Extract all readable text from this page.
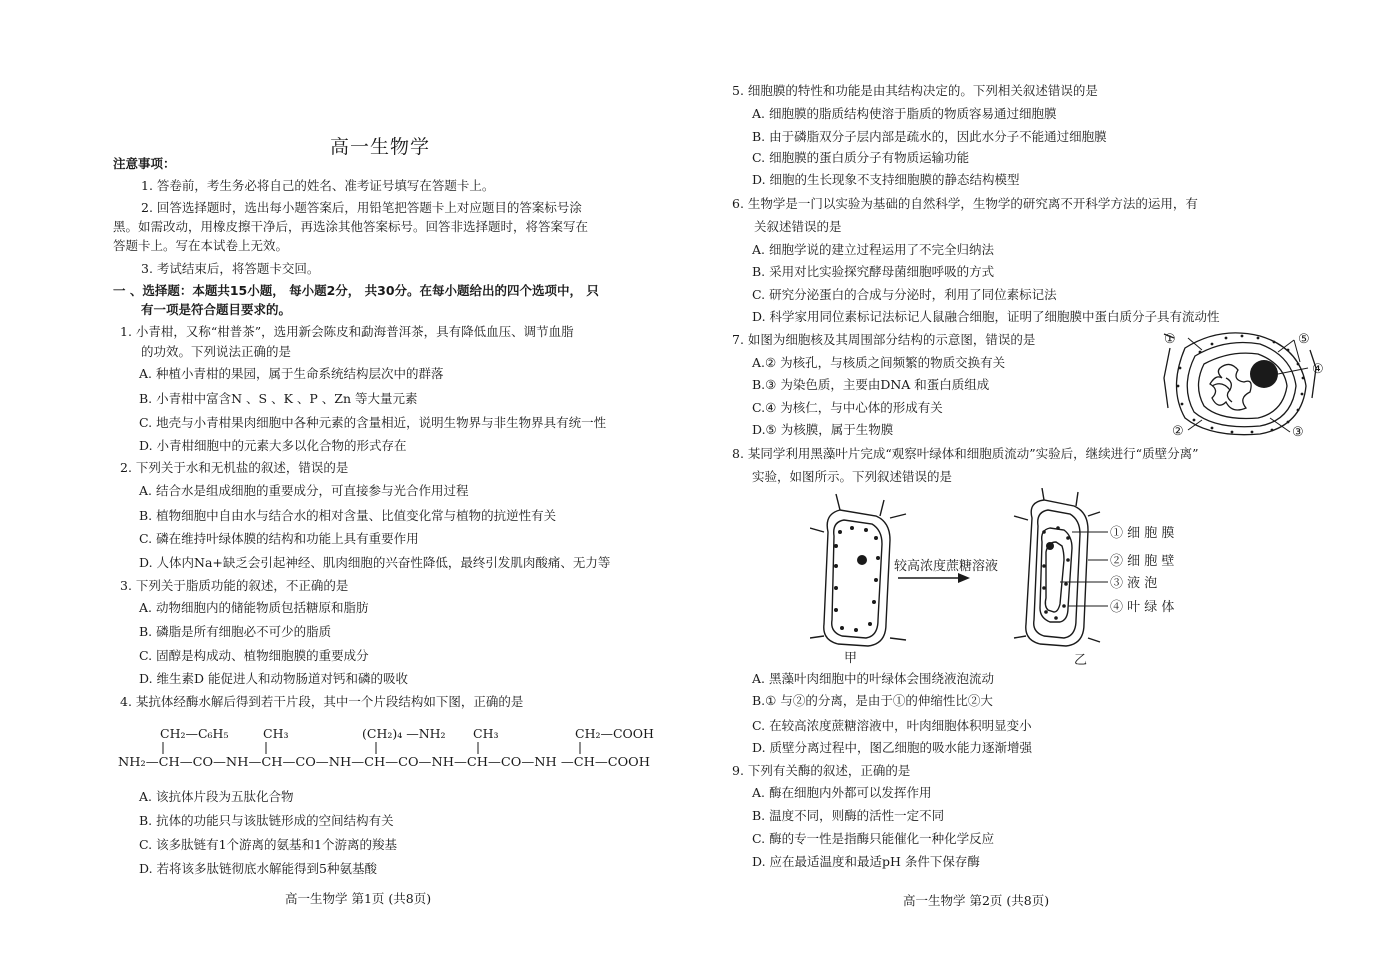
高一生物学
注意事项：
1. 答卷前，考生务必将自己的姓名、准考证号填写在答题卡上。
2. 回答选择题时，选出每小题答案后，用铅笔把答题卡上对应题目的答案标号涂
黑。如需改动，用橡皮擦干净后，再选涂其他答案标号。回答非选择题时，将答案写在
答题卡上。写在本试卷上无效。
3. 考试结束后，将答题卡交回。
一 、选择题：本题共15小题， 每小题2分， 共30分。在每小题给出的四个选项中， 只
有一项是符合题目要求的。
1. 小青柑，又称“柑普茶”，选用新会陈皮和勐海普洱茶，具有降低血压、调节血脂
的功效。下列说法正确的是
A. 种植小青柑的果园，属于生命系统结构层次中的群落
B. 小青柑中富含N 、S 、K 、P 、Zn 等大量元素
C. 地壳与小青柑果肉细胞中各种元素的含量相近，说明生物界与非生物界具有统一性
D. 小青柑细胞中的元素大多以化合物的形式存在
2. 下列关于水和无机盐的叙述，错误的是
A. 结合水是组成细胞的重要成分，可直接参与光合作用过程
B. 植物细胞中自由水与结合水的相对含量、比值变化常与植物的抗逆性有关
C. 磷在维持叶绿体膜的结构和功能上具有重要作用
D. 人体内Na+缺乏会引起神经、肌肉细胞的兴奋性降低，最终引发肌肉酸痛、无力等
3. 下列关于脂质功能的叙述，不正确的是
A. 动物细胞内的储能物质包括糖原和脂肪
B. 磷脂是所有细胞必不可少的脂质
C. 固醇是构成动、植物细胞膜的重要成分
D. 维生素D 能促进人和动物肠道对钙和磷的吸收
4. 某抗体经酶水解后得到若干片段，其中一个片段结构如下图，正确的是
CH₂—C₆H₅	CH₃	(CH₂)₄ —NH₂ CH₃	CH₂—COOH
NH₂—CH—CO—NH—CH—CO—NH—CH—CO—NH—CH—CO—NH —CH—COOH
A. 该抗体片段为五肽化合物
B. 抗体的功能只与该肽链形成的空间结构有关
C. 该多肽链有1个游离的氨基和1个游离的羧基
D. 若将该多肽链彻底水解能得到5种氨基酸
高一生物学 第1页 (共8页)
5. 细胞膜的特性和功能是由其结构决定的。下列相关叙述错误的是
A. 细胞膜的脂质结构使溶于脂质的物质容易通过细胞膜
B. 由于磷脂双分子层内部是疏水的，因此水分子不能通过细胞膜
C. 细胞膜的蛋白质分子有物质运输功能
D. 细胞的生长现象不支持细胞膜的静态结构模型
6. 生物学是一门以实验为基础的自然科学，生物学的研究离不开科学方法的运用，有
关叙述错误的是
A. 细胞学说的建立过程运用了不完全归纳法
B. 采用对比实验探究酵母菌细胞呼吸的方式
C. 研究分泌蛋白的合成与分泌时，利用了同位素标记法
D. 科学家用同位素标记法标记人鼠融合细胞，证明了细胞膜中蛋白质分子具有流动性
7. 如图为细胞核及其周围部分结构的示意图，错误的是
A.② 为核孔，与核质之间频繁的物质交换有关
B.③ 为染色质，主要由DNA 和蛋白质组成
C.④ 为核仁，与中心体的形成有关
D.⑤ 为核膜，属于生物膜
①
②	③
④
⑤
8. 某同学利用黑藻叶片完成“观察叶绿体和细胞质流动”实验后，继续进行“质壁分离”
实验，如图所示。下列叙述错误的是
较高浓度蔗糖溶液
甲	乙
① 细 胞 膜
② 细 胞 壁
③ 液 泡
④ 叶 绿 体
A. 黑藻叶肉细胞中的叶绿体会围绕液泡流动
B.① 与②的分离，是由于①的伸缩性比②大
C. 在较高浓度蔗糖溶液中，叶肉细胞体积明显变小
D. 质壁分离过程中，图乙细胞的吸水能力逐渐增强
9. 下列有关酶的叙述，正确的是
A. 酶在细胞内外都可以发挥作用
B. 温度不同，则酶的活性一定不同
C. 酶的专一性是指酶只能催化一种化学反应
D. 应在最适温度和最适pH 条件下保存酶
高一生物学 第2页 (共8页)
